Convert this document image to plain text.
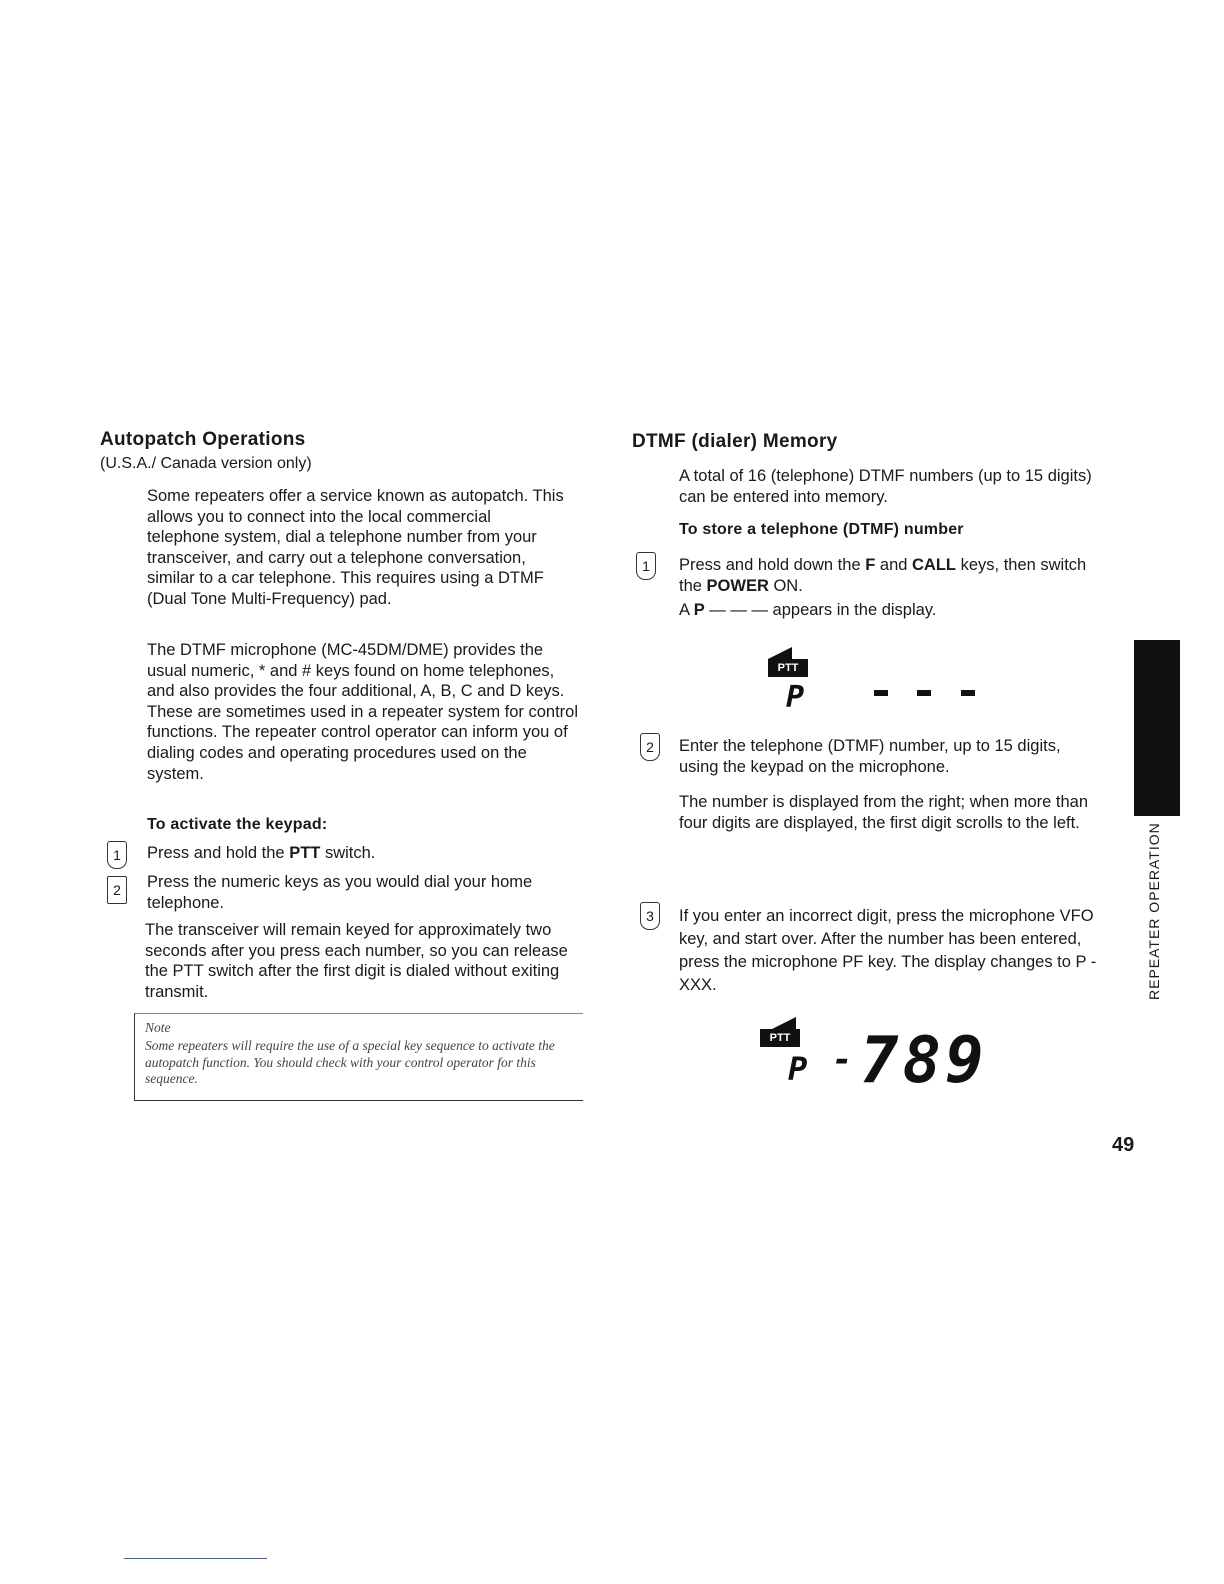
Autopatch Operations
(U.S.A./ Canada version only)
Some repeaters offer a service known as autopatch. This allows you to connect into the local commercial telephone system, dial a telephone number from your transceiver, and carry out a telephone conversation, similar to a car telephone. This requires using a DTMF (Dual Tone Multi-Frequency) pad.
The DTMF microphone (MC-45DM/DME) provides the usual numeric, * and # keys found on home telephones, and also provides the four additional, A, B, C and D keys. These are sometimes used in a repeater system for control functions. The repeater control operator can inform you of dialing codes and operating procedures used on the system.
To activate the keypad:
1	Press and hold the PTT switch.
2	Press the numeric keys as you would dial your home telephone.
The transceiver will remain keyed for approximately two seconds after you press each number, so you can release the PTT switch after the first digit is dialed without exiting transmit.
Note
Some repeaters will require the use of a special key sequence to activate the autopatch function. You should check with your control operator for this sequence.
DTMF (dialer) Memory
A total of 16 (telephone) DTMF numbers (up to 15 digits) can be entered into memory.
To store a telephone (DTMF) number
1	Press and hold down the F and CALL keys, then switch the POWER ON.
A P — — — appears in the display.
PTT
P
2	Enter the telephone (DTMF) number, up to 15 digits, using the keypad on the microphone.
The number is displayed from the right; when more than four digits are displayed, the first digit scrolls to the left.
3	If you enter an incorrect digit, press the microphone VFO key, and start over. After the number has been entered, press the microphone PF key. The display changes to P -XXX.
PTT
P - 789
REPEATER OPERATION
49
